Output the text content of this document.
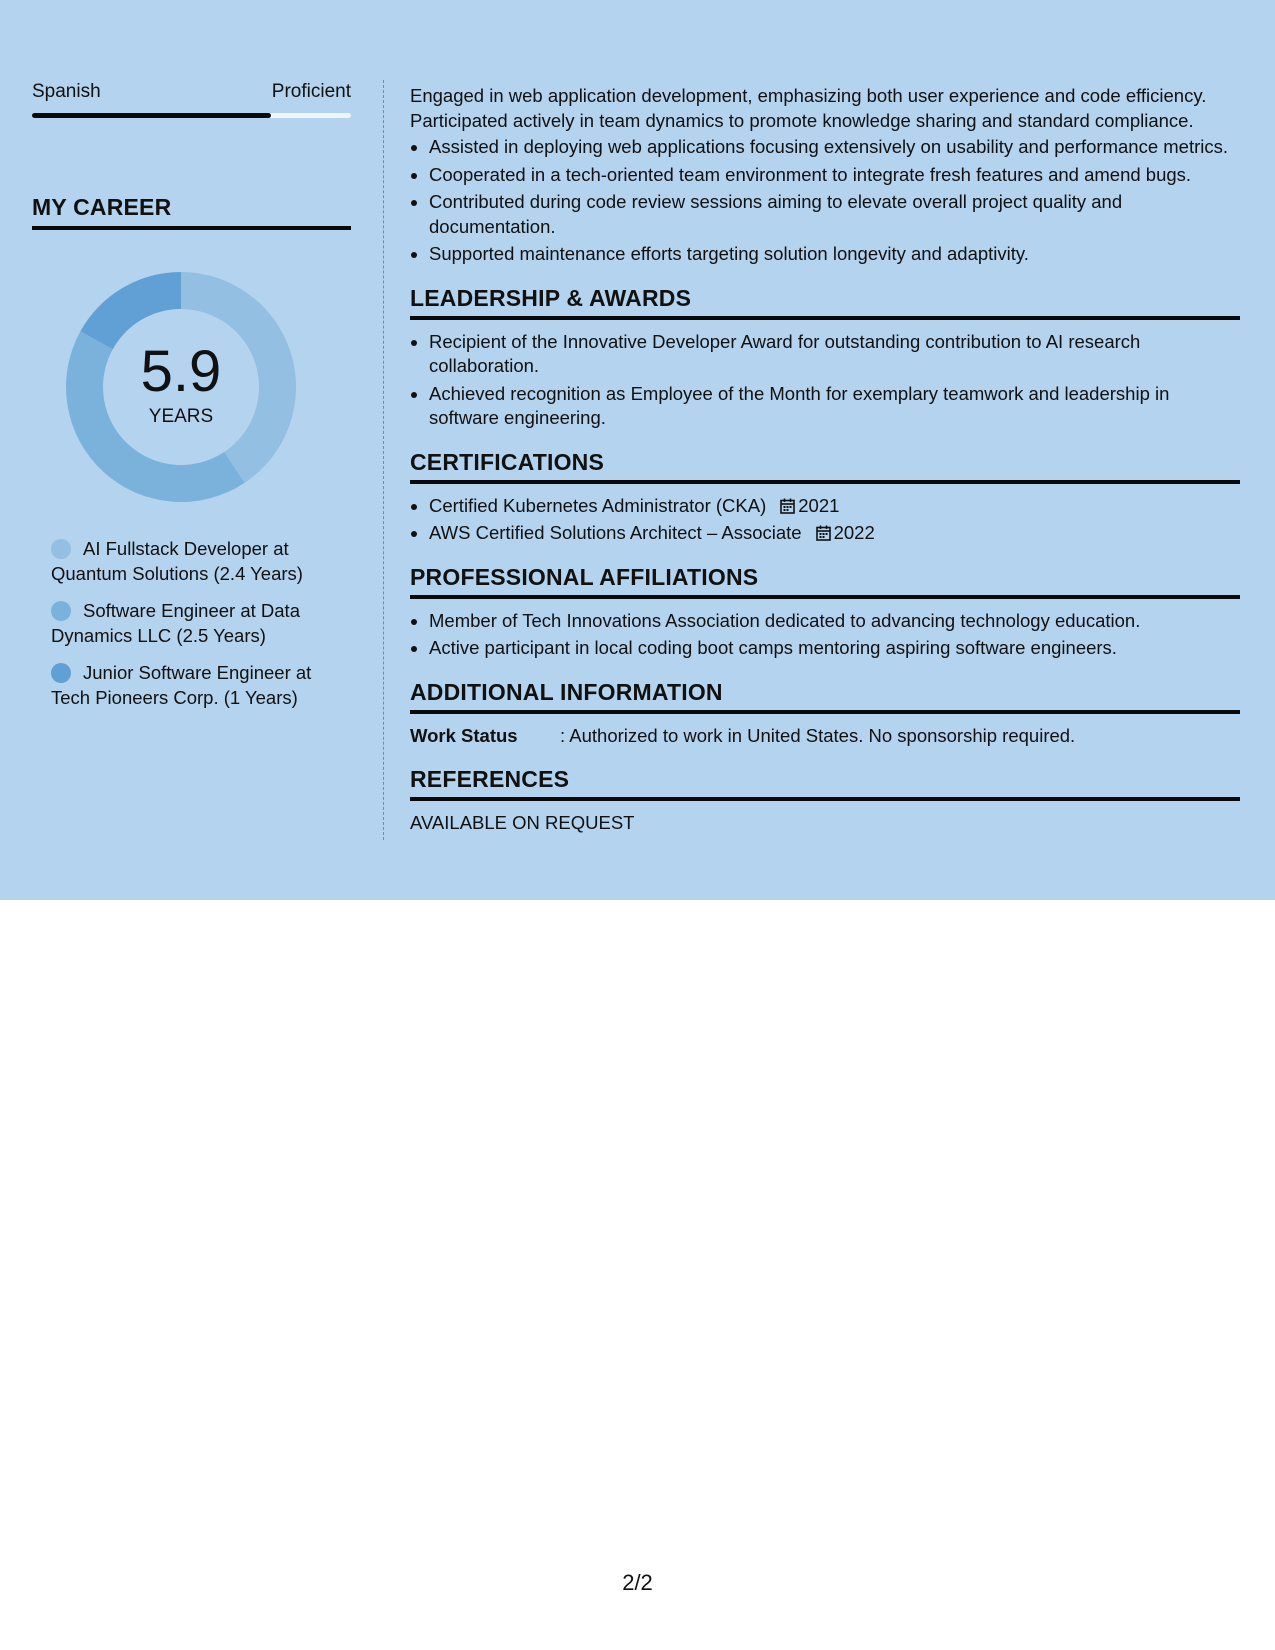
Spanish	Proficient
MY CAREER
5.9
YEARS
AI Fullstack Developer at Quantum Solutions (2.4 Years)
Software Engineer at Data Dynamics LLC (2.5 Years)
Junior Software Engineer at Tech Pioneers Corp. (1 Years)
Engaged in web application development, emphasizing both user experience and code efficiency. Participated actively in team dynamics to promote knowledge sharing and standard compliance.
• Assisted in deploying web applications focusing extensively on usability and performance metrics.
• Cooperated in a tech-oriented team environment to integrate fresh features and amend bugs.
• Contributed during code review sessions aiming to elevate overall project quality and documentation.
• Supported maintenance efforts targeting solution longevity and adaptivity.
LEADERSHIP & AWARDS
• Recipient of the Innovative Developer Award for outstanding contribution to AI research collaboration.
• Achieved recognition as Employee of the Month for exemplary teamwork and leadership in software engineering.
CERTIFICATIONS
• Certified Kubernetes Administrator (CKA) 2021
• AWS Certified Solutions Architect – Associate 2022
PROFESSIONAL AFFILIATIONS
• Member of Tech Innovations Association dedicated to advancing technology education.
• Active participant in local coding boot camps mentoring aspiring software engineers.
ADDITIONAL INFORMATION
Work Status : Authorized to work in United States. No sponsorship required.
REFERENCES
AVAILABLE ON REQUEST
2/2
